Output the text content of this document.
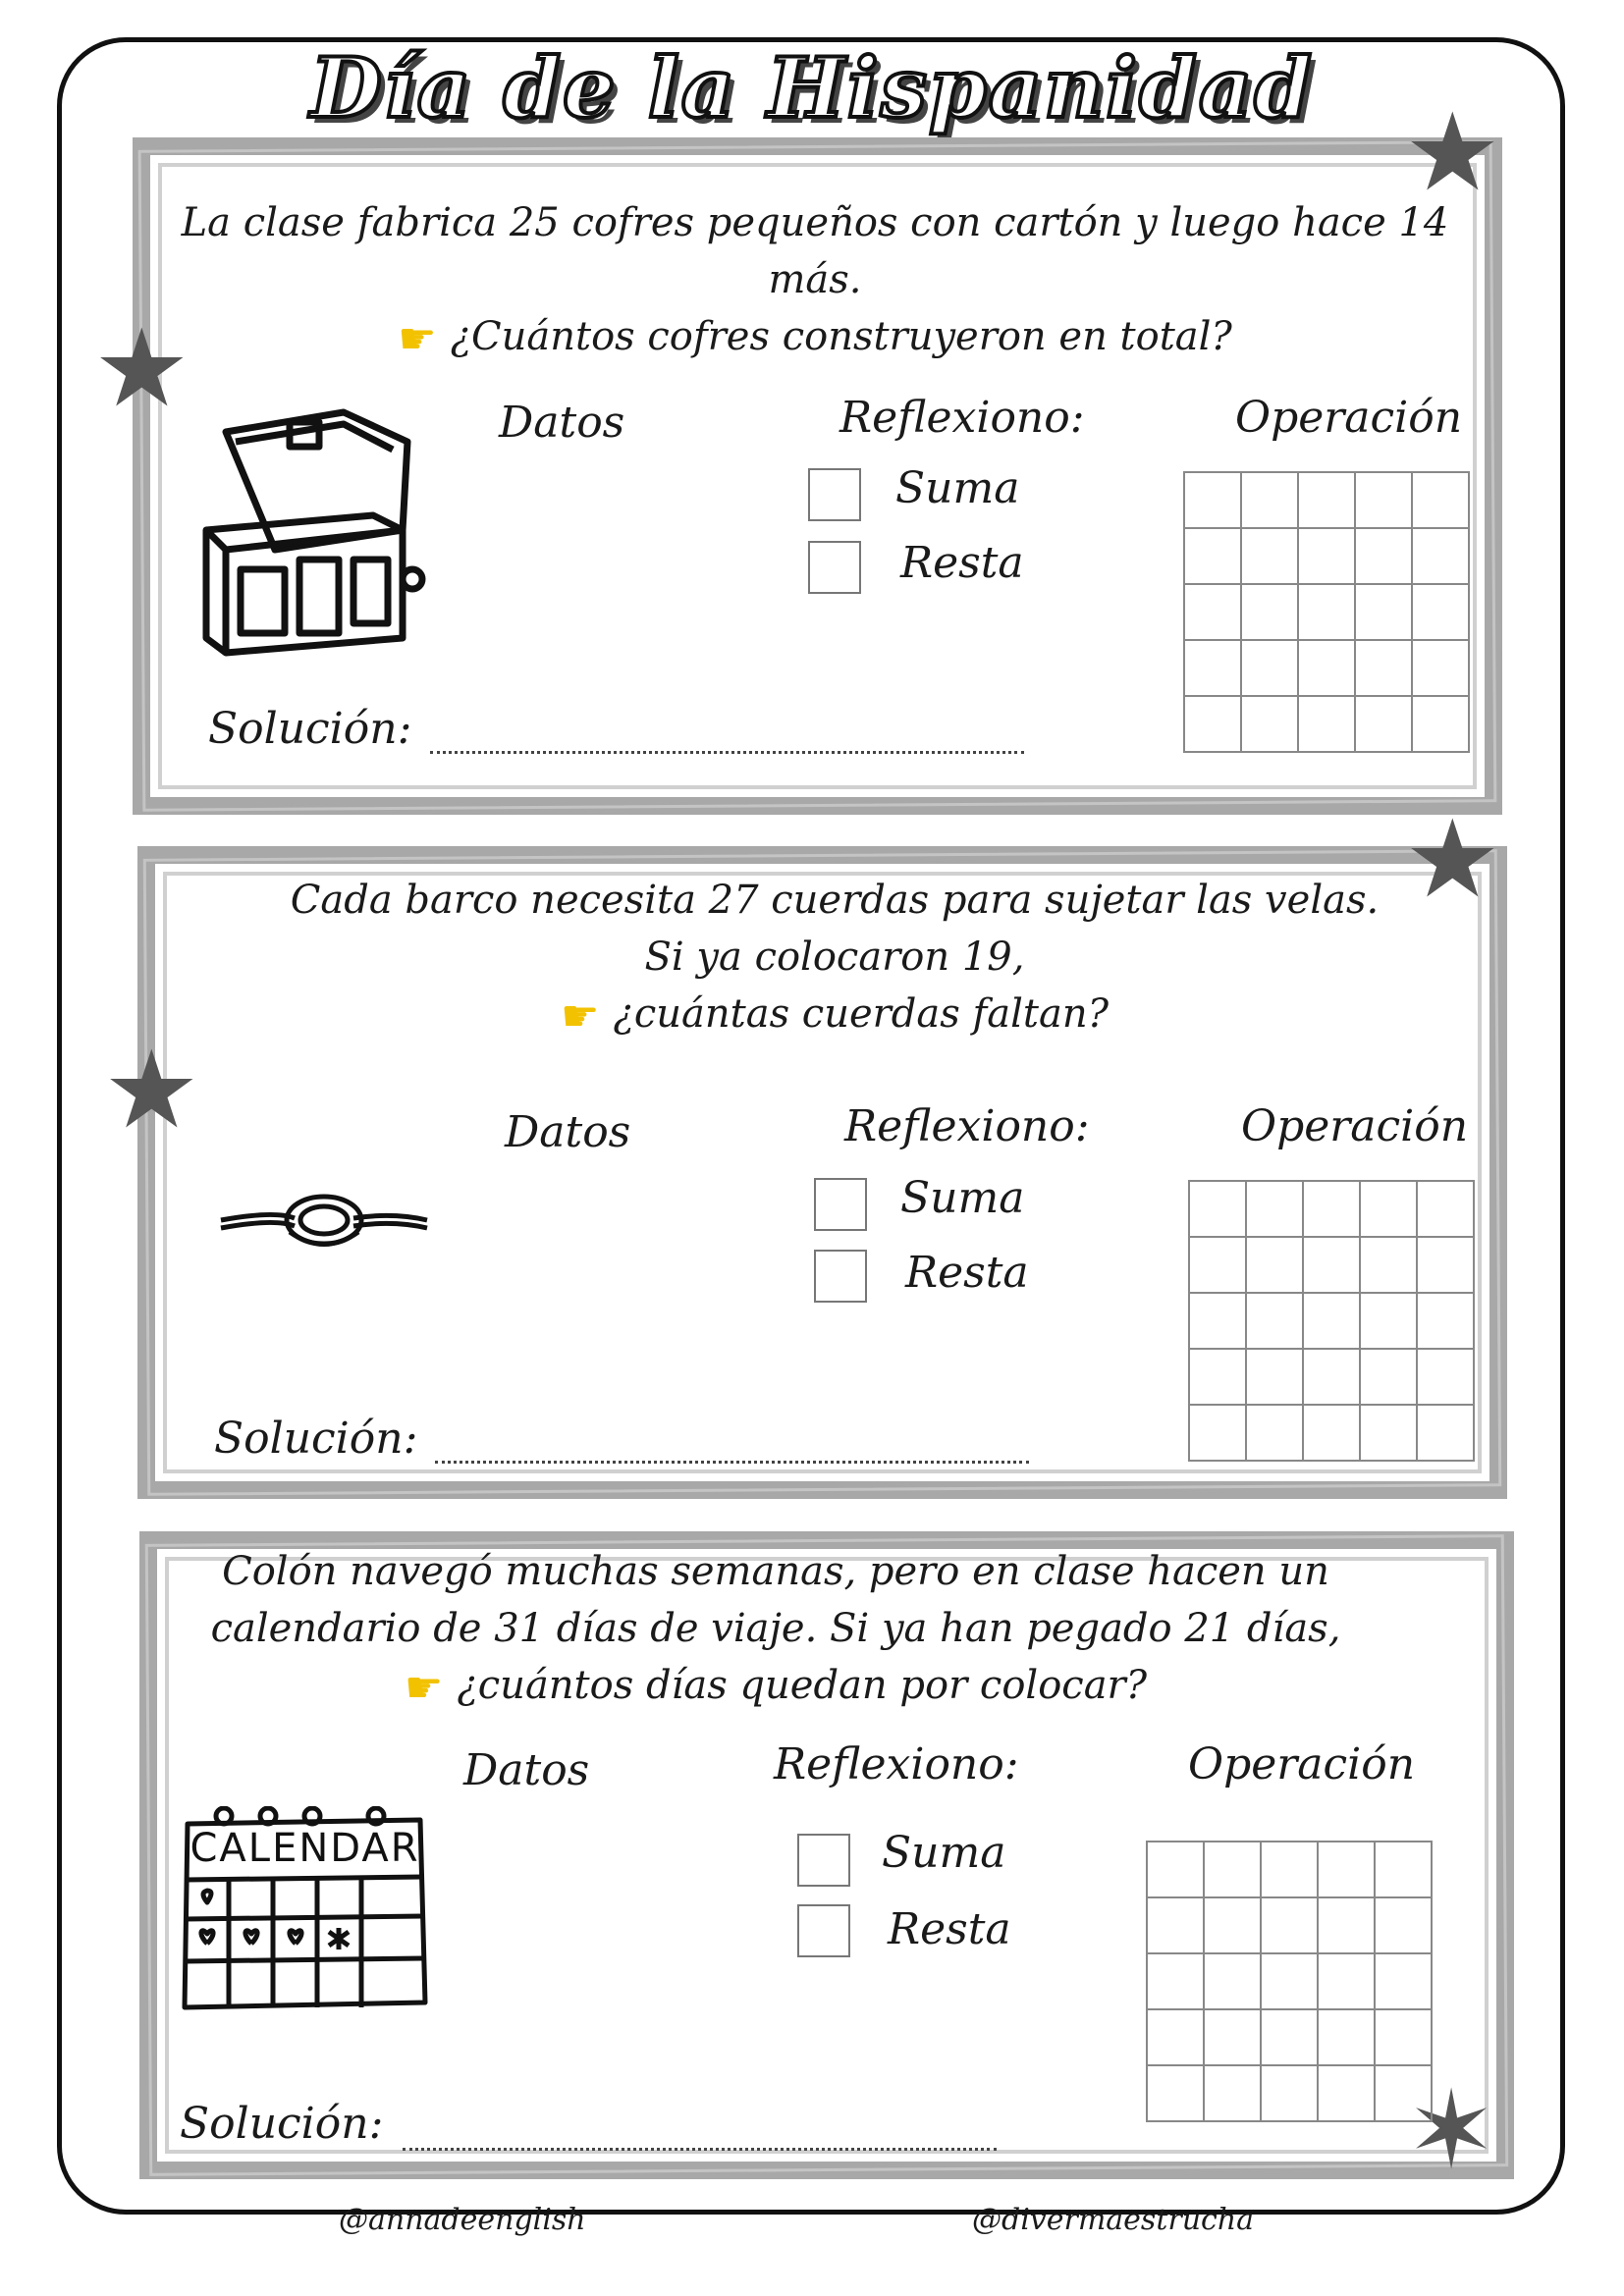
Día de la Hispanidad
★
★
La clase fabrica 25 cofres pequeños con cartón y luego hace 14
más.
☛ ¿Cuántos cofres construyeron en total?
Datos	Reflexiono:	Operación
Suma
Resta
Solución:
★
★
Cada barco necesita 27 cuerdas para sujetar las velas.
Si ya colocaron 19,
☛ ¿cuántas cuerdas faltan?
Datos	Reflexiono:	Operación
Suma
Resta
Solución:
✶
Colón navegó muchas semanas, pero en clase hacen un
calendario de 31 días de viaje. Si ya han pegado 21 días,
☛ ¿cuántos días quedan por colocar?
CALENDAR
Datos	Reflexiono:	Operación
Suma
Resta
Solución:
@annadeenglish	@divermaestrucha
